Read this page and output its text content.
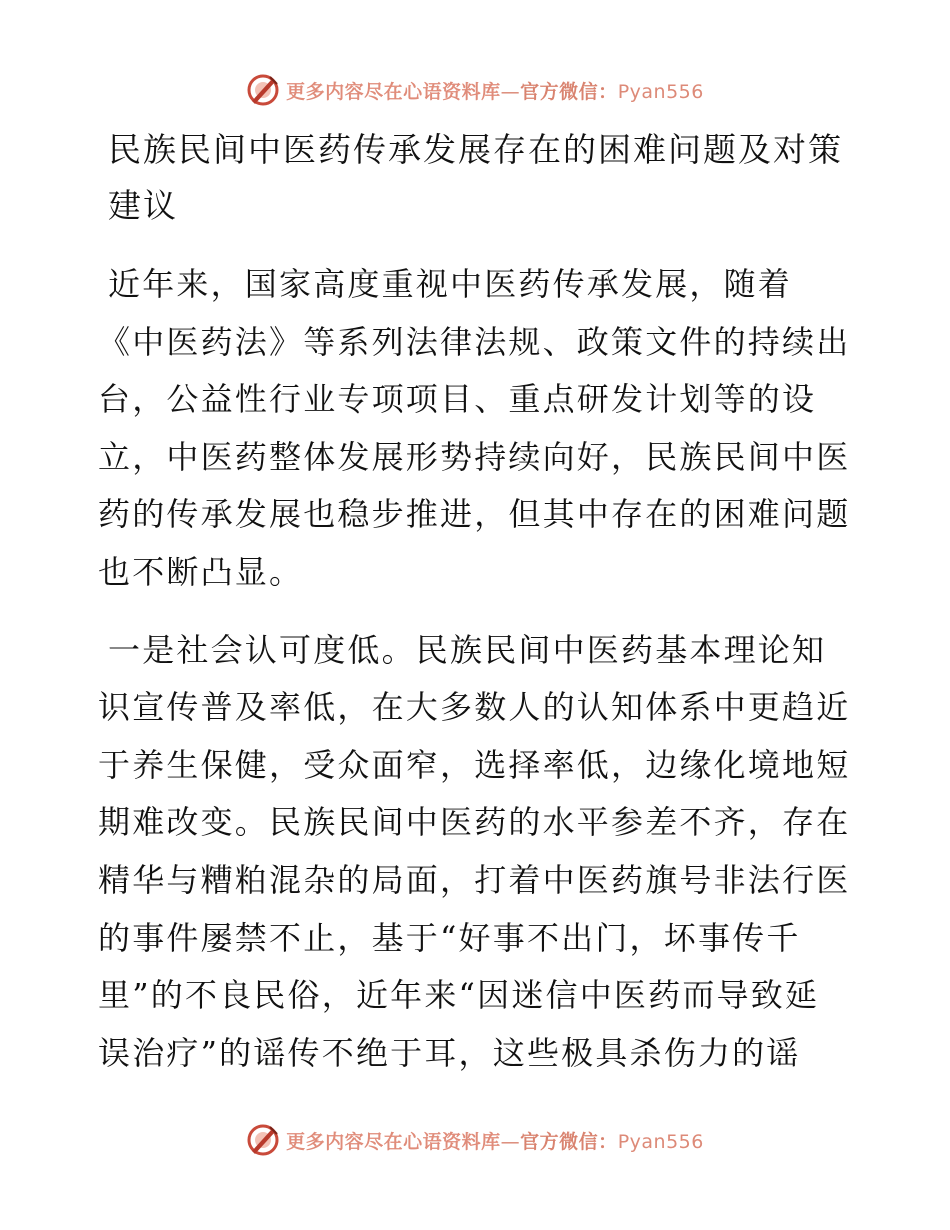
更多内容尽在心语资料库—官方微信：Pyan556
民族民间中医药传承发展存在的困难问题及对策
建议

近年来，国家高度重视中医药传承发展，随着
《中医药法》等系列法律法规、政策文件的持续出
台，公益性行业专项项目、重点研发计划等的设
立，中医药整体发展形势持续向好，民族民间中医
药的传承发展也稳步推进，但其中存在的困难问题
也不断凸显。

一是社会认可度低。民族民间中医药基本理论知
识宣传普及率低，在大多数人的认知体系中更趋近
于养生保健，受众面窄，选择率低，边缘化境地短
期难改变。民族民间中医药的水平参差不齐，存在
精华与糟粕混杂的局面，打着中医药旗号非法行医
的事件屡禁不止，基于“好事不出门，坏事传千
里”的不良民俗，近年来“因迷信中医药而导致延
误治疗”的谣传不绝于耳，这些极具杀伤力的谣

更多内容尽在心语资料库—官方微信：Pyan556
